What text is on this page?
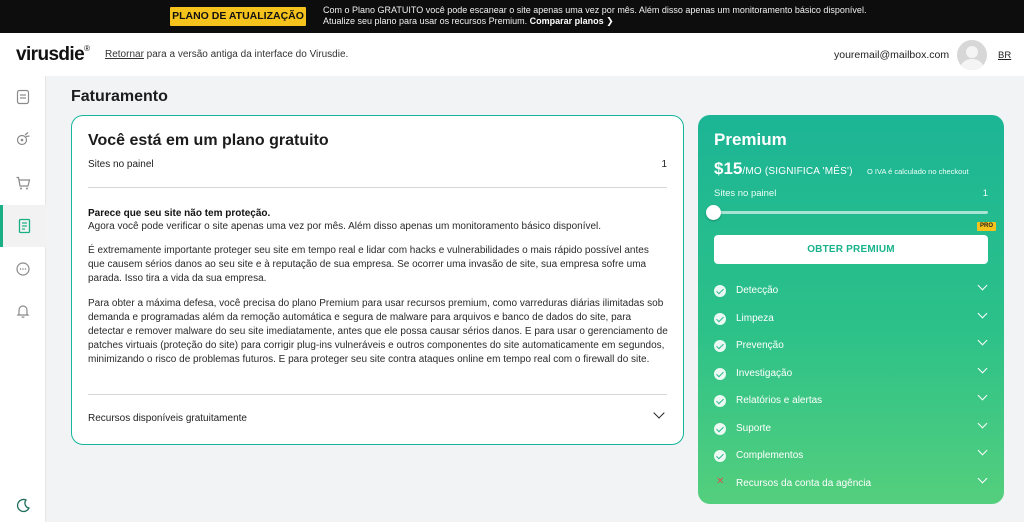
PLANO DE ATUALIZAÇÃO Com o Plano GRATUITO você pode escanear o site apenas uma vez por mês. Além disso apenas um monitoramento básico disponível.
Atualize seu plano para usar os recursos Premium. Comparar planos ❯
virusdie®
Retornar para a versão antiga da interface do Virusdie.	youremail@mailbox.com	BR
Faturamento
Você está em um plano gratuito
Sites no painel	1
Parece que seu site não tem proteção.
Agora você pode verificar o site apenas uma vez por mês. Além disso apenas um monitoramento básico disponível.
É extremamente importante proteger seu site em tempo real e lidar com hacks e vulnerabilidades o mais rápido possível antes que causem sérios danos ao seu site e à reputação de sua empresa. Se ocorrer uma invasão de site, sua empresa sofre uma parada. Isso tira a vida da sua empresa.
Para obter a máxima defesa, você precisa do plano Premium para usar recursos premium, como varreduras diárias ilimitadas sob demanda e programadas além da remoção automática e segura de malware para arquivos e banco de dados do site, para detectar e remover malware do seu site imediatamente, antes que ele possa causar sérios danos. E para usar o gerenciamento de patches virtuais (proteção do site) para corrigir plug-ins vulneráveis e outros componentes do site automaticamente em segundos, minimizando o risco de problemas futuros. E para proteger seu site contra ataques online em tempo real com o firewall do site.
Recursos disponíveis gratuitamente
Premium
$15/MO (SIGNIFICA 'MÊS') O IVA é calculado no checkout
Sites no painel	1
PRO
OBTER PREMIUM
Detecção
Limpeza
Prevenção
Investigação
Relatórios e alertas
Suporte
Complementos
✕ Recursos da conta da agência
